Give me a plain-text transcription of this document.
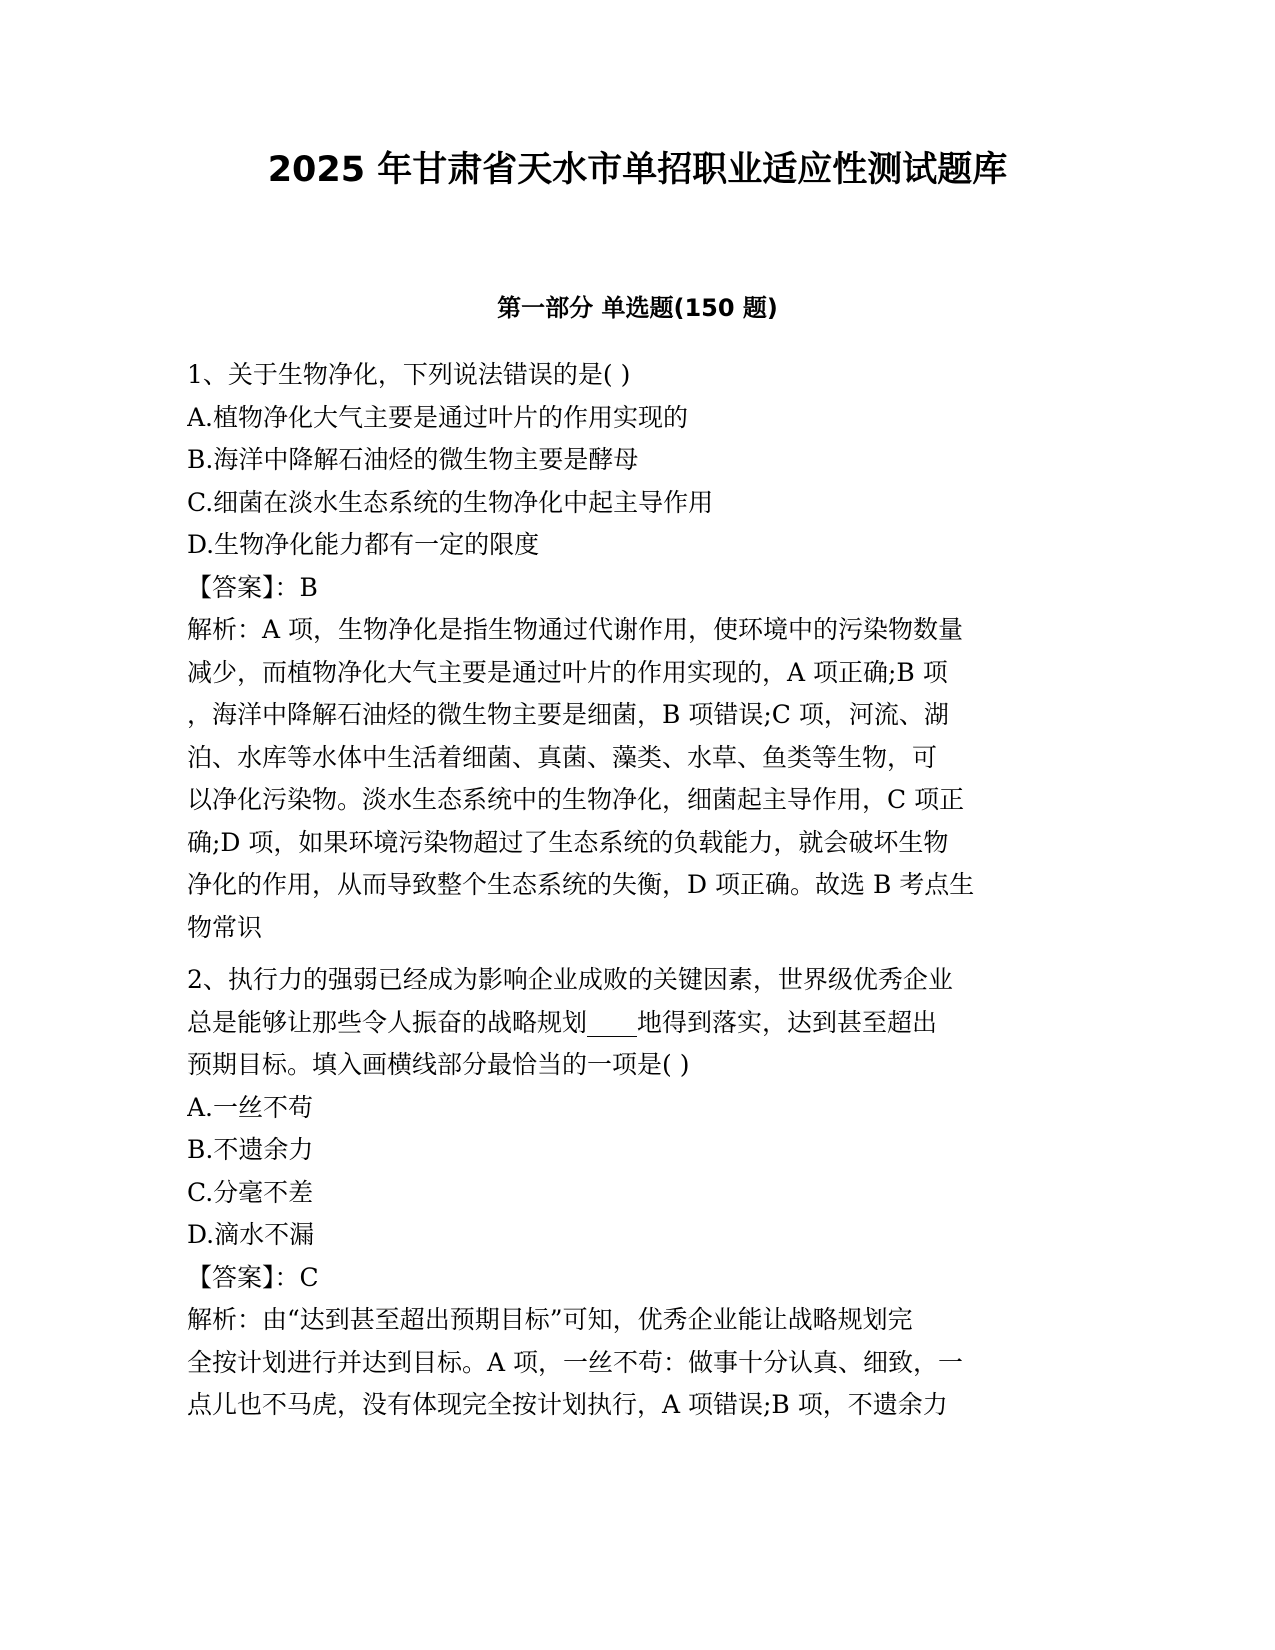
2025 年甘肃省天水市单招职业适应性测试题库
第一部分 单选题(150 题)
1、关于生物净化，下列说法错误的是( )
A.植物净化大气主要是通过叶片的作用实现的
B.海洋中降解石油烃的微生物主要是酵母
C.细菌在淡水生态系统的生物净化中起主导作用
D.生物净化能力都有一定的限度
【答案】：B
解析：A 项，生物净化是指生物通过代谢作用，使环境中的污染物数量
减少，而植物净化大气主要是通过叶片的作用实现的，A 项正确;B 项
，海洋中降解石油烃的微生物主要是细菌，B 项错误;C 项，河流、湖
泊、水库等水体中生活着细菌、真菌、藻类、水草、鱼类等生物，可
以净化污染物。淡水生态系统中的生物净化，细菌起主导作用，C 项正
确;D 项，如果环境污染物超过了生态系统的负载能力，就会破坏生物
净化的作用，从而导致整个生态系统的失衡，D 项正确。故选 B 考点生
物常识
2、执行力的强弱已经成为影响企业成败的关键因素，世界级优秀企业
总是能够让那些令人振奋的战略规划____地得到落实，达到甚至超出
预期目标。填入画横线部分最恰当的一项是( )
A.一丝不苟
B.不遗余力
C.分毫不差
D.滴水不漏
【答案】：C
解析：由“达到甚至超出预期目标”可知，优秀企业能让战略规划完
全按计划进行并达到目标。A 项，一丝不苟：做事十分认真、细致，一
点儿也不马虎，没有体现完全按计划执行，A 项错误;B 项，不遗余力
